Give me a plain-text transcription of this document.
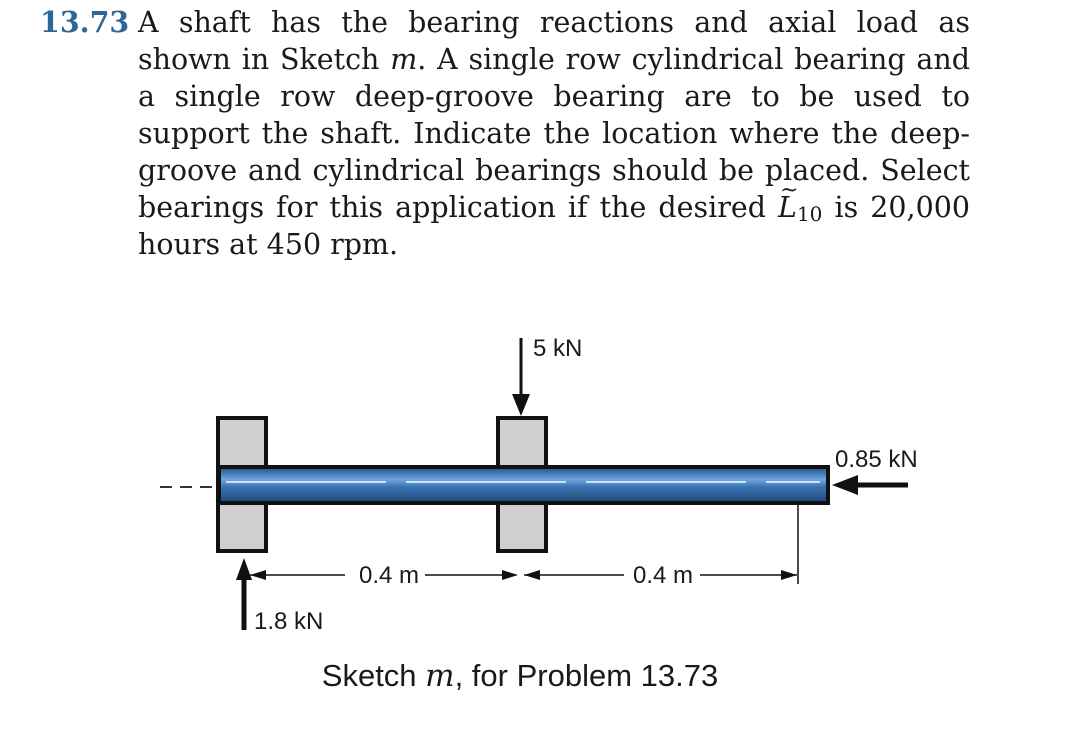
13.73 A shaft has the bearing reactions and axial load as shown in Sketch m. A single row cylindrical bearing and a single row deep-groove bearing are to be used to support the shaft. Indicate the location where the deep-groove and cylindrical bearings should be placed. Select bearings for this application if the desired ~ $L_{10}$ is 20,000 hours at 450 rpm.
5 kN
0.85 kN
1.8 kN
0.4 m	0.4 m
Sketch m, for Problem 13.73
